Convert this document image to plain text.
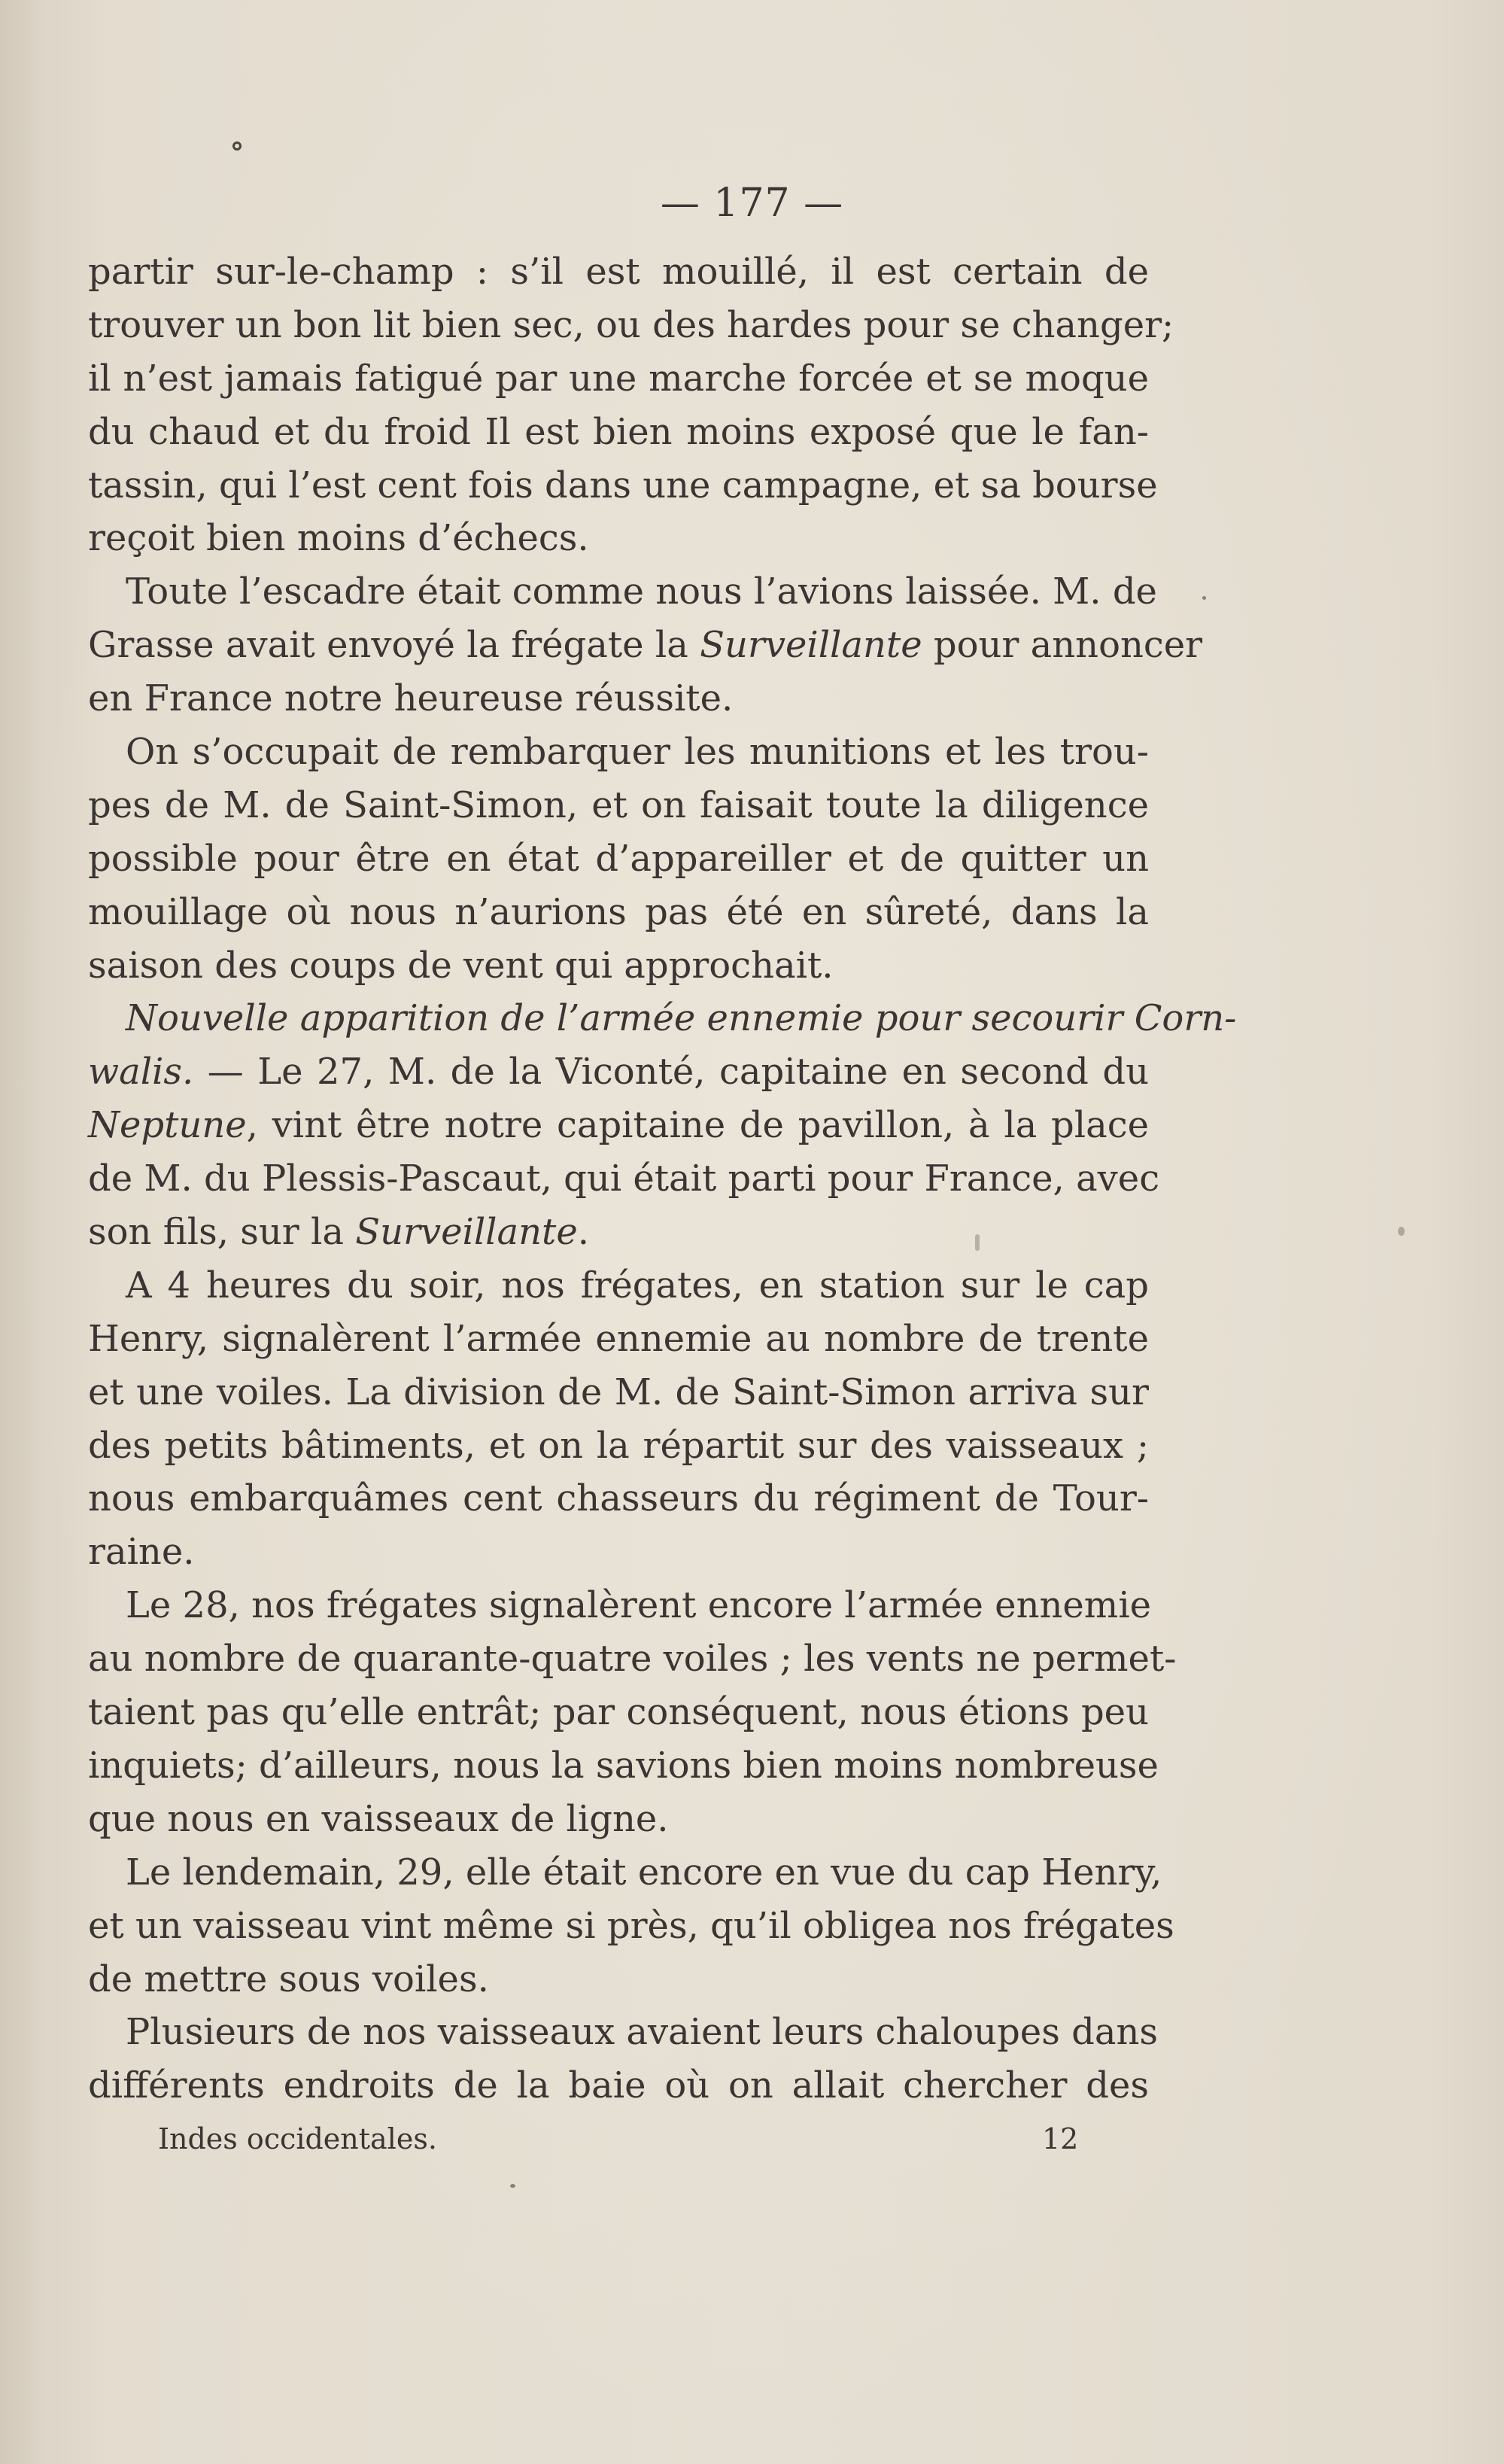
— 177 —
partir sur-le-champ : s’il est mouillé, il est certain de
trouver un bon lit bien sec, ou des hardes pour se changer;
il n’est jamais fatigué par une marche forcée et se moque
du chaud et du froid Il est bien moins exposé que le fan-
tassin, qui l’est cent fois dans une campagne, et sa bourse
reçoit bien moins d’échecs.
Toute l’escadre était comme nous l’avions laissée. M. de
Grasse avait envoyé la frégate la Surveillante pour annoncer
en France notre heureuse réussite.
On s’occupait de rembarquer les munitions et les trou-
pes de M. de Saint-Simon, et on faisait toute la diligence
possible pour être en état d’appareiller et de quitter un
mouillage où nous n’aurions pas été en sûreté, dans la
saison des coups de vent qui approchait.
Nouvelle apparition de l’armée ennemie pour secourir Corn-
walis. — Le 27, M. de la Viconté, capitaine en second du
Neptune, vint être notre capitaine de pavillon, à la place
de M. du Plessis-Pascaut, qui était parti pour France, avec
son fils, sur la Surveillante.
A 4 heures du soir, nos frégates, en station sur le cap
Henry, signalèrent l’armée ennemie au nombre de trente
et une voiles. La division de M. de Saint-Simon arriva sur
des petits bâtiments, et on la répartit sur des vaisseaux ;
nous embarquâmes cent chasseurs du régiment de Tour-
raine.
Le 28, nos frégates signalèrent encore l’armée ennemie
au nombre de quarante-quatre voiles ; les vents ne permet-
taient pas qu’elle entrât; par conséquent, nous étions peu
inquiets; d’ailleurs, nous la savions bien moins nombreuse
que nous en vaisseaux de ligne.
Le lendemain, 29, elle était encore en vue du cap Henry,
et un vaisseau vint même si près, qu’il obligea nos frégates
de mettre sous voiles.
Plusieurs de nos vaisseaux avaient leurs chaloupes dans
différents endroits de la baie où on allait chercher des
Indes occidentales.	12
